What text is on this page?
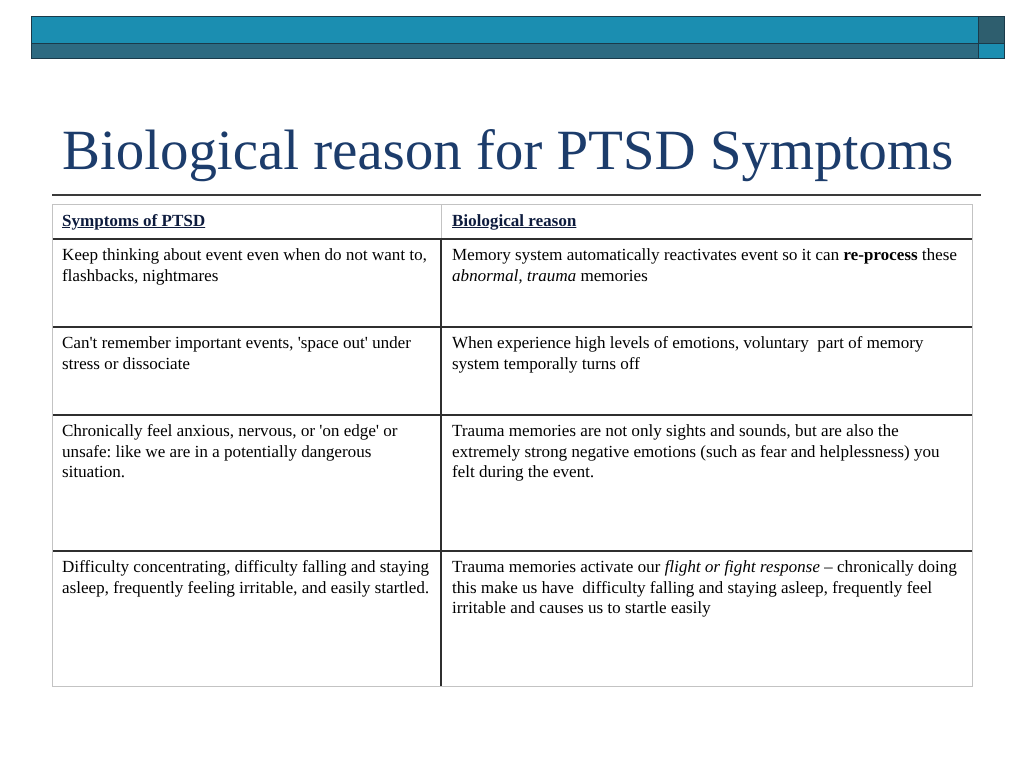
Biological reason for PTSD Symptoms
Symptoms of PTSD	Biological reason
Keep thinking about event even when do not want to, flashbacks, nightmares
Memory system automatically reactivates event so it can re-process these abnormal, trauma memories
Can't remember important events, 'space out' under stress or dissociate
When experience high levels of emotions, voluntary  part of memory system temporally turns off
Chronically feel anxious, nervous, or 'on edge' or unsafe: like we are in a potentially dangerous situation.
Trauma memories are not only sights and sounds, but are also the extremely strong negative emotions (such as fear and helplessness) you felt during the event.
Difficulty concentrating, difficulty falling and staying asleep, frequently feeling irritable, and easily startled.
Trauma memories activate our flight or fight response – chronically doing this make us have  difficulty falling and staying asleep, frequently feel irritable and causes us to startle easily
